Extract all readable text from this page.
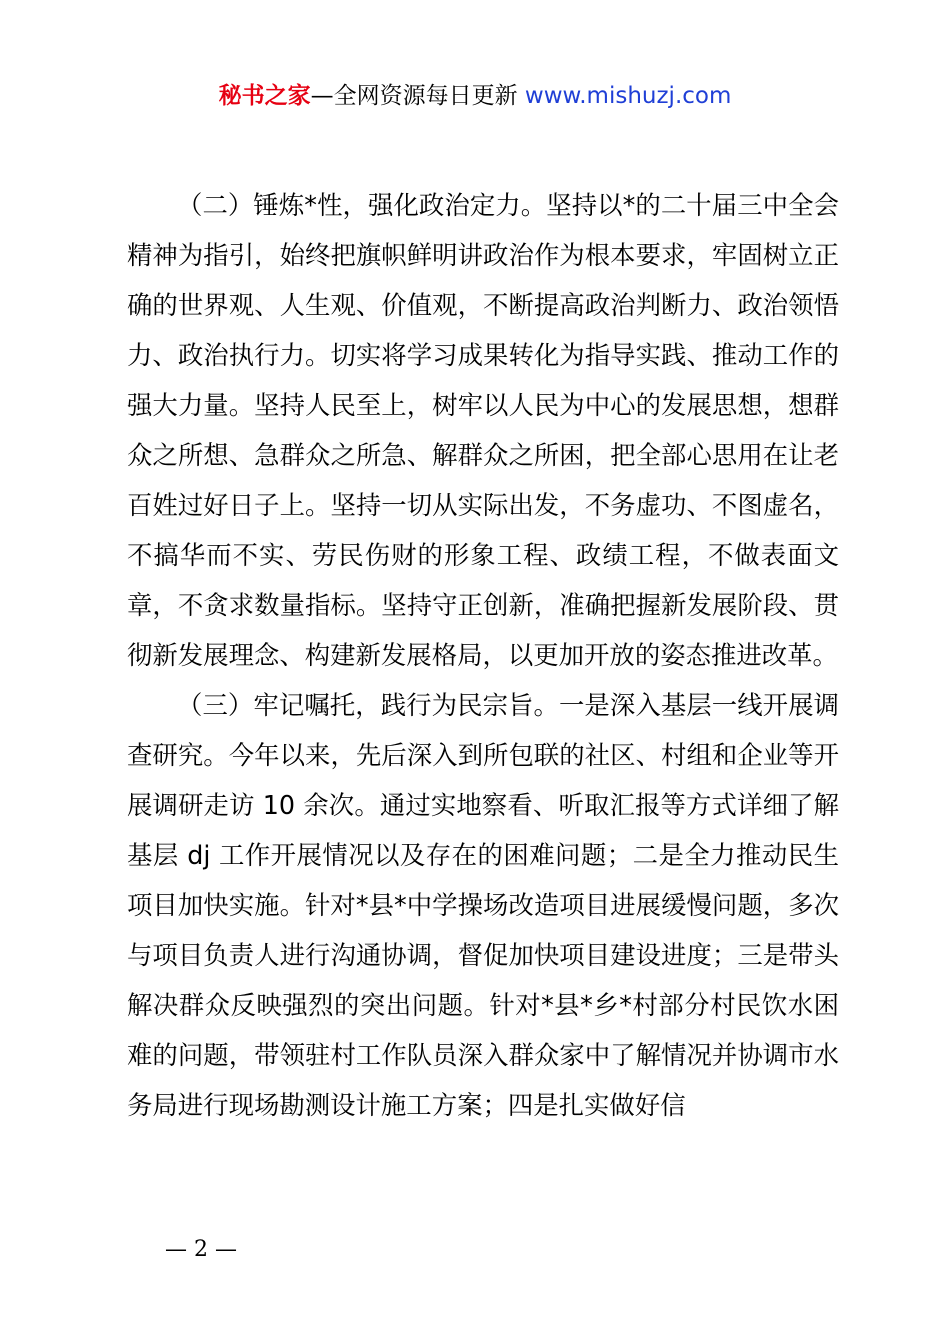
秘书之家—全网资源每日更新 www.mishuzj.com

（二）锤炼*性，强化政治定力。坚持以*的二十届三中全会精神为指引，始终把旗帜鲜明讲政治作为根本要求，牢固树立正确的世界观、人生观、价值观，不断提高政治判断力、政治领悟力、政治执行力。切实将学习成果转化为指导实践、推动工作的强大力量。坚持人民至上，树牢以人民为中心的发展思想，想群众之所想、急群众之所急、解群众之所困，把全部心思用在让老百姓过好日子上。坚持一切从实际出发，不务虚功、不图虚名，不搞华而不实、劳民伤财的形象工程、政绩工程，不做表面文章，不贪求数量指标。坚持守正创新，准确把握新发展阶段、贯彻新发展理念、构建新发展格局，以更加开放的姿态推进改革。

（三）牢记嘱托，践行为民宗旨。一是深入基层一线开展调查研究。今年以来，先后深入到所包联的社区、村组和企业等开展调研走访 10 余次。通过实地察看、听取汇报等方式详细了解基层 dj 工作开展情况以及存在的困难问题；二是全力推动民生项目加快实施。针对*县*中学操场改造项目进展缓慢问题，多次与项目负责人进行沟通协调，督促加快项目建设进度；三是带头解决群众反映强烈的突出问题。针对*县*乡*村部分村民饮水困难的问题，带领驻村工作队员深入群众家中了解情况并协调市水务局进行现场勘测设计施工方案；四是扎实做好信

— 2 —
